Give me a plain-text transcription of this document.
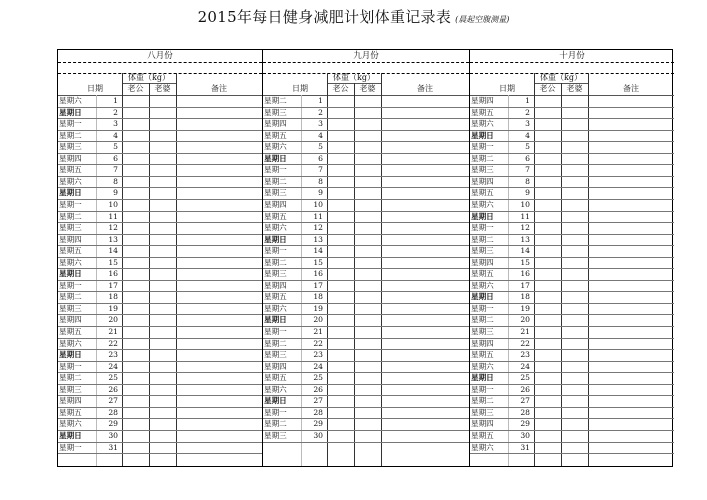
2015年每日健身减肥计划体重记录表 (晨起空腹测量)
八月份
体重（kg）
日期	老公	老婆	备注
星期六	1
星期日	2
星期一	3
星期二	4
星期三	5
星期四	6
星期五	7
星期六	8
星期日	9
星期一	10
星期二	11
星期三	12
星期四	13
星期五	14
星期六	15
星期日	16
星期一	17
星期二	18
星期三	19
星期四	20
星期五	21
星期六	22
星期日	23
星期一	24
星期二	25
星期三	26
星期四	27
星期五	28
星期六	29
星期日	30
星期一	31
九月份
体重（kg）
日期	老公	老婆	备注
星期二	1
星期三	2
星期四	3
星期五	4
星期六	5
星期日	6
星期一	7
星期二	8
星期三	9
星期四	10
星期五	11
星期六	12
星期日	13
星期一	14
星期二	15
星期三	16
星期四	17
星期五	18
星期六	19
星期日	20
星期一	21
星期二	22
星期三	23
星期四	24
星期五	25
星期六	26
星期日	27
星期一	28
星期二	29
星期三	30
十月份
体重（kg）
日期	老公	老婆	备注
星期四	1
星期五	2
星期六	3
星期日	4
星期一	5
星期二	6
星期三	7
星期四	8
星期五	9
星期六	10
星期日	11
星期一	12
星期二	13
星期三	14
星期四	15
星期五	16
星期六	17
星期日	18
星期一	19
星期二	20
星期三	21
星期四	22
星期五	23
星期六	24
星期日	25
星期一	26
星期二	27
星期三	28
星期四	29
星期五	30
星期六	31
